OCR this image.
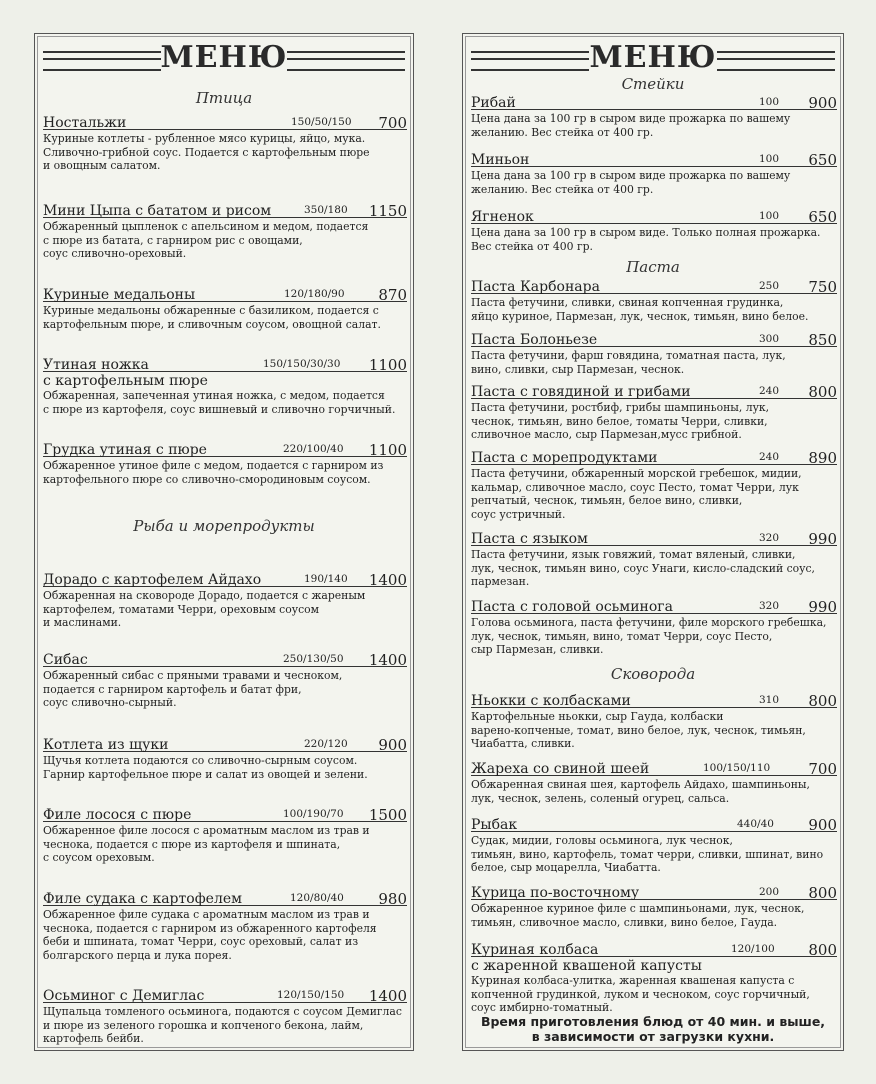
МЕНЮ
Птица
Ностальжи	150/50/150 700
Куриные котлеты - рубленное мясо курицы, яйцо, мука.
Сливочно-грибной соус. Подается с картофельным пюре
и овощным салатом.
Мини Цыпа с бататом и рисом	350/180 1150
Обжаренный цыпленок с апельсином и медом, подается
с пюре из батата, с гарниром рис с овощами,
соус сливочно-ореховый.
Куриные медальоны	120/180/90 870
Куриные медальоны обжаренные с базиликом, подается с
картофельным пюре, и сливочным соусом, овощной салат.
Утиная ножка	150/150/30/30 1100
с картофельным пюре
Обжаренная, запеченная утиная ножка, с медом, подается
с пюре из картофеля, соус вишневый и сливочно горчичный.
Грудка утиная с пюре	220/100/40 1100
Обжаренное утиное филе с медом, подается с гарниром из
картофельного пюре со сливочно-смородиновым соусом.
Рыба и морепродукты
Дорадо с картофелем Айдахо	190/140 1400
Обжаренная на сковороде Дорадо, подается с жареным
картофелем, томатами Черри, ореховым соусом
и маслинами.
Сибас	250/130/50 1400
Обжаренный сибас с пряными травами и чесноком,
подается с гарниром картофель и батат фри,
соус сливочно-сырный.
Котлета из щуки	220/120 900
Щучья котлета подаются со сливочно-сырным соусом.
Гарнир картофельное пюре и салат из овощей и зелени.
Филе лосося с пюре	100/190/70 1500
Обжаренное филе лосося с ароматным маслом из трав и
чеснока, подается с пюре из картофеля и шпината,
с соусом ореховым.
Филе судака с картофелем	120/80/40 980
Обжаренное филе судака с ароматным маслом из трав и
чеснока, подается с гарниром из обжаренного картофеля
беби и шпината, томат Черри, соус ореховый, салат из
болгарского перца и лука порея.
Осьминог с Демиглас	120/150/150 1400
Щупальца томленого осьминога, подаются с соусом Демиглас
и пюре из зеленого горошка и копченого бекона, лайм,
картофель бейби.
МЕНЮ
Стейки
Рибай	100 900
Цена дана за 100 гр в сыром виде прожарка по вашему
желанию. Вес стейка от 400 гр.
Миньон	100 650
Цена дана за 100 гр в сыром виде прожарка по вашему
желанию. Вес стейка от 400 гр.
Ягненок	100 650
Цена дана за 100 гр в сыром виде. Только полная прожарка.
Вес стейка от 400 гр.
Паста
Паста Карбонара	250 750
Паста фетучини, сливки, свиная копченная грудинка,
яйцо куриное, Пармезан, лук, чеснок, тимьян, вино белое.
Паста Болоньезе	300 850
Паста фетучини, фарш говядина, томатная паста, лук,
вино, сливки, сыр Пармезан, чеснок.
Паста с говядиной и грибами	240 800
Паста фетучини, ростбиф, грибы шампиньоны, лук,
чеснок, тимьян, вино белое, томаты Черри, сливки,
сливочное масло, сыр Пармезан,мусс грибной.
Паста с морепродуктами	240 890
Паста фетучини, обжаренный морской гребешок, мидии,
кальмар, сливочное масло, соус Песто, томат Черри, лук
репчатый, чеснок, тимьян, белое вино, сливки,
соус устричный.
Паста с языком	320 990
Паста фетучини, язык говяжий, томат вяленый, сливки,
лук, чеснок, тимьян вино, соус Унаги, кисло-сладский соус,
пармезан.
Паста с головой осьминога	320 990
Голова осьминога, паста фетучини, филе морского гребешка,
лук, чеснок, тимьян, вино, томат Черри, соус Песто,
сыр Пармезан, сливки.
Сковорода
Ньокки с колбасками	310 800
Картофельные ньокки, сыр Гауда, колбаски
варено-копченые, томат, вино белое, лук, чеснок, тимьян,
Чиабатта, сливки.
Жареха со свиной шеей	100/150/110	700
Обжаренная свиная шея, картофель Айдахо, шампиньоны,
лук, чеснок, зелень, соленый огурец, сальса.
Рыбак	440/40 900
Судак, мидии, головы осьминога, лук чеснок,
тимьян, вино, картофель, томат черри, сливки, шпинат, вино
белое, сыр моцарелла, Чиабатта.
Курица по-восточному	200 800
Обжаренное куриное филе с шампиньонами, лук, чеснок,
тимьян, сливочное масло, сливки, вино белое, Гауда.
Куриная колбаса	120/100 800
с жаренной квашеной капусты
Куриная колбаса-улитка, жаренная квашеная капуста с
копченной грудинкой, луком и чесноком, соус горчичный,
соус имбирно-томатный.
Время приготовления блюд от 40 мин. и выше,
в зависимости от загрузки кухни.
